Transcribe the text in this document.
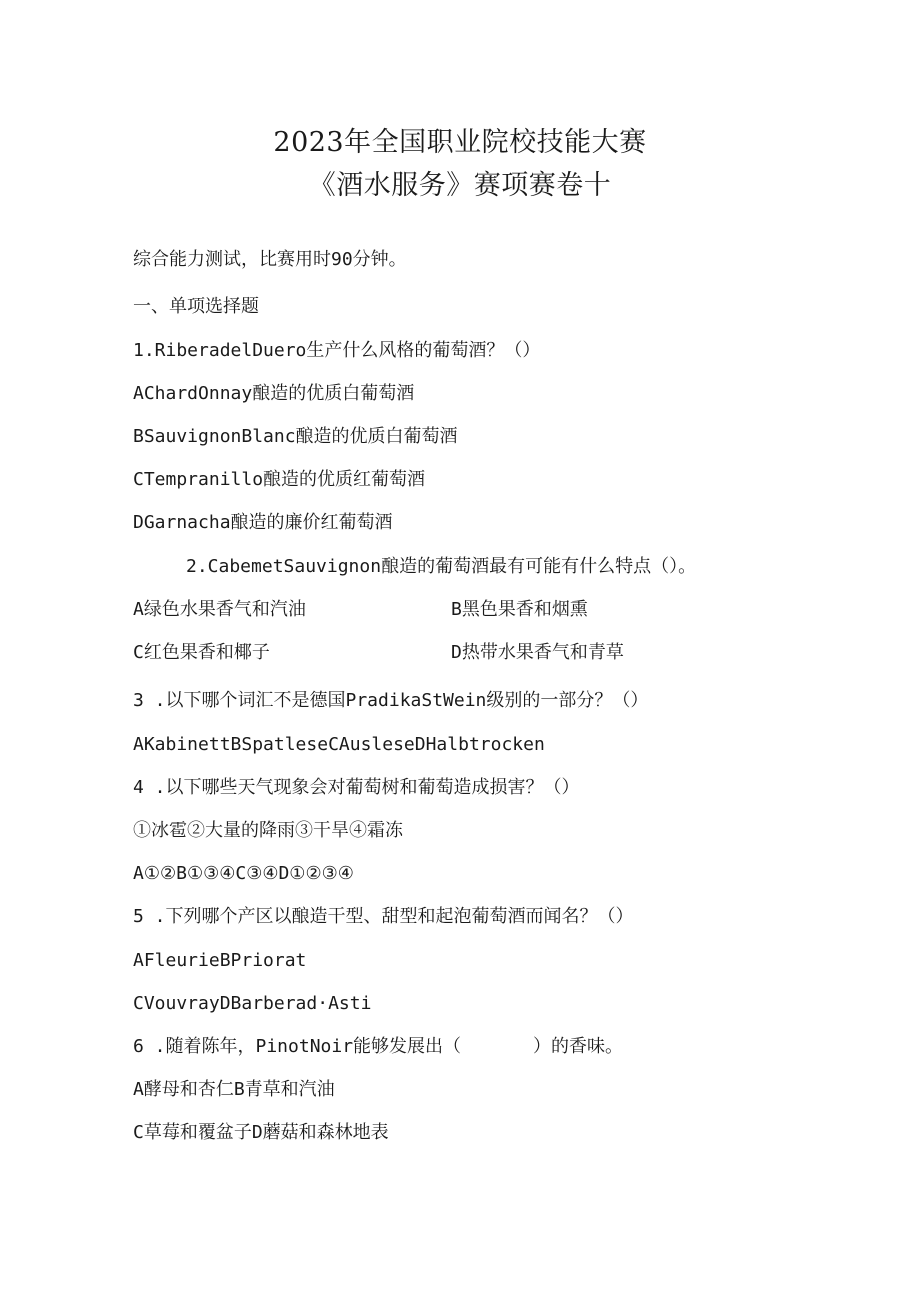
2023年全国职业院校技能大赛
《酒水服务》赛项赛卷十
综合能力测试，比赛用时90分钟。
一、单项选择题
1.RiberadelDuero生产什么风格的葡萄酒？（）
AChardOnnay酿造的优质白葡萄酒
BSauvignonBlanc酿造的优质白葡萄酒
CTempranillo酿造的优质红葡萄酒
DGarnacha酿造的廉价红葡萄酒
2.CabemetSauvignon酿造的葡萄酒最有可能有什么特点（）。
A绿色水果香气和汽油	B黑色果香和烟熏
C红色果香和椰子	D热带水果香气和青草
3 .以下哪个词汇不是德国PradikaStWein级别的一部分？（）
AKabinettBSpatleseCAusleseDHalbtrocken
4 .以下哪些天气现象会对葡萄树和葡萄造成损害？（）
①冰雹②大量的降雨③干旱④霜冻
A①②B①③④C③④D①②③④
5 .下列哪个产区以酿造干型、甜型和起泡葡萄酒而闻名？（）
AFleurieBPriorat
CVouvrayDBarberad·Asti
6 .随着陈年，PinotNoir能够发展出（　　　　）的香味。
A酵母和杏仁B青草和汽油
C草莓和覆盆子D蘑菇和森林地表
